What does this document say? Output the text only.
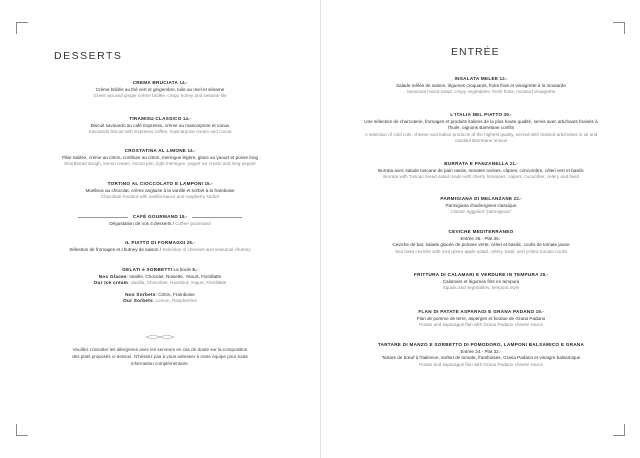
DESSERTS
CREMA BRUCIATA 14.-
Crème brûlée au thé vert et gingembre, tuile au miel et sésame
Green tea and ginger crème brûlée, crispy honey and sesame tile
TIRAMISU CLASSICO 14.-
Biscuit savoiardo au café Espresso, crème au mascarpone et cacao
Savoiardo biscuit with Espresso coffee, mascarpone cream and cocoa
CROSTATINA AL LIMONE 14.-
Pâte sablée, crème au citron, confiture au citron, meringue légère, glace au yaourt et poivre long
Shortbread dough, lemon cream, lemon jam, light meringue, yogurt ice cream and long pepper
TORTINO AL CIOCCOLATO E LAMPONI 15.-
Moelleux au chocolat, crème anglaise à la vanille et sorbet à la framboise
Chocolate fondant with vanilla sauce and raspberry sorbet
CAFÉ GOURMAND 18.-
Dégustation de nos 4 desserts / Coffee gourmand
IL PIATTO DI FORMAGGI 25.-
Sélection de fromages et chutney de saison / Selection of cheeses and seasonal chutney
GELATI e SORBETTI La boule 5.-
Nos Glaces: Vanille, Chocolat, Noisette, Yaourt, Fiordilatte
Our Ice cream: Vanilla, Chocolate, Hazelnut, Yogurt, Fiordilatte
Nos Sorbets: Citron, Framboise
Our Sorbets: Lemon, Raspberries
Veuillez consulter les allergènes avec les serveurs en cas de doute sur la composition des plats proposés ci-dessus. N'hésitez pas à vous adresser à notre équipe pour toute information complémentaire.
ENTRÉE
INSALATA MELEE 12.-
Salade mêlée de saison, légumes croquants, fruits frais et vinaigrette à la moutarde
Seasonal mixed salad, crispy vegetables, fresh fruits, mustard vinaigrette
L'ITALIA NEL PIATTO 39.-
Une sélection de charcuterie, fromages et produits italiens de la plus haute qualité, servis avec artichauts braisés à l'huile, oignons Barretane confits
A selection of cold cuts, cheese and Italian products of the highest quality, served with braised artichokes in oil and candied Barretane onions
BURRATA E PANZANELLA 21.-
Burrata avec salade toscane de pain rassis, tomates cerises, câpres, concombre, céleri vert et basilic
Burrata with Tuscan bread salad made with cherry tomatoes, capers, cucumber, celery and basil
PARMIGIANA DI MELANZANE 22.-
Parmigiana d'aubergines classique
Classic eggplant "parmigiana"
CEVICHE MEDITERRANEO
Entrée 26.- Plat 36.-
Ceviche de bar, salade glacée de pomme verte, céleri et basilic, coulis de tomate jaune
Sea bass ceviche with iced green apple salad, celery, basil, and yellow tomato coulis
FRITTURA DI CALAMARI E VERDURE IN TEMPURA 28.-
Calamars et légumes frits en tempura
Squids and vegetables, tempura style
FLAN DI PATATE ASPARAGI E GRANA PADANO 19.-
Flan de pomme de terre, asperges et fondue de Grana Padano
Potato and asparagus flan with Grana Padano cheese sauce
TARTARE DI MANZO E SORBETTO DI POMODORO, LAMPONI BALSAMICO E GRANA
Entrée 24.- Plat 32.-
Tartare de bœuf à l'italienne, sorbet de tomate, framboises, Grana Padano et vinaigre balsamique
Potato and asparagus flan with Grana Padano cheese sauce
